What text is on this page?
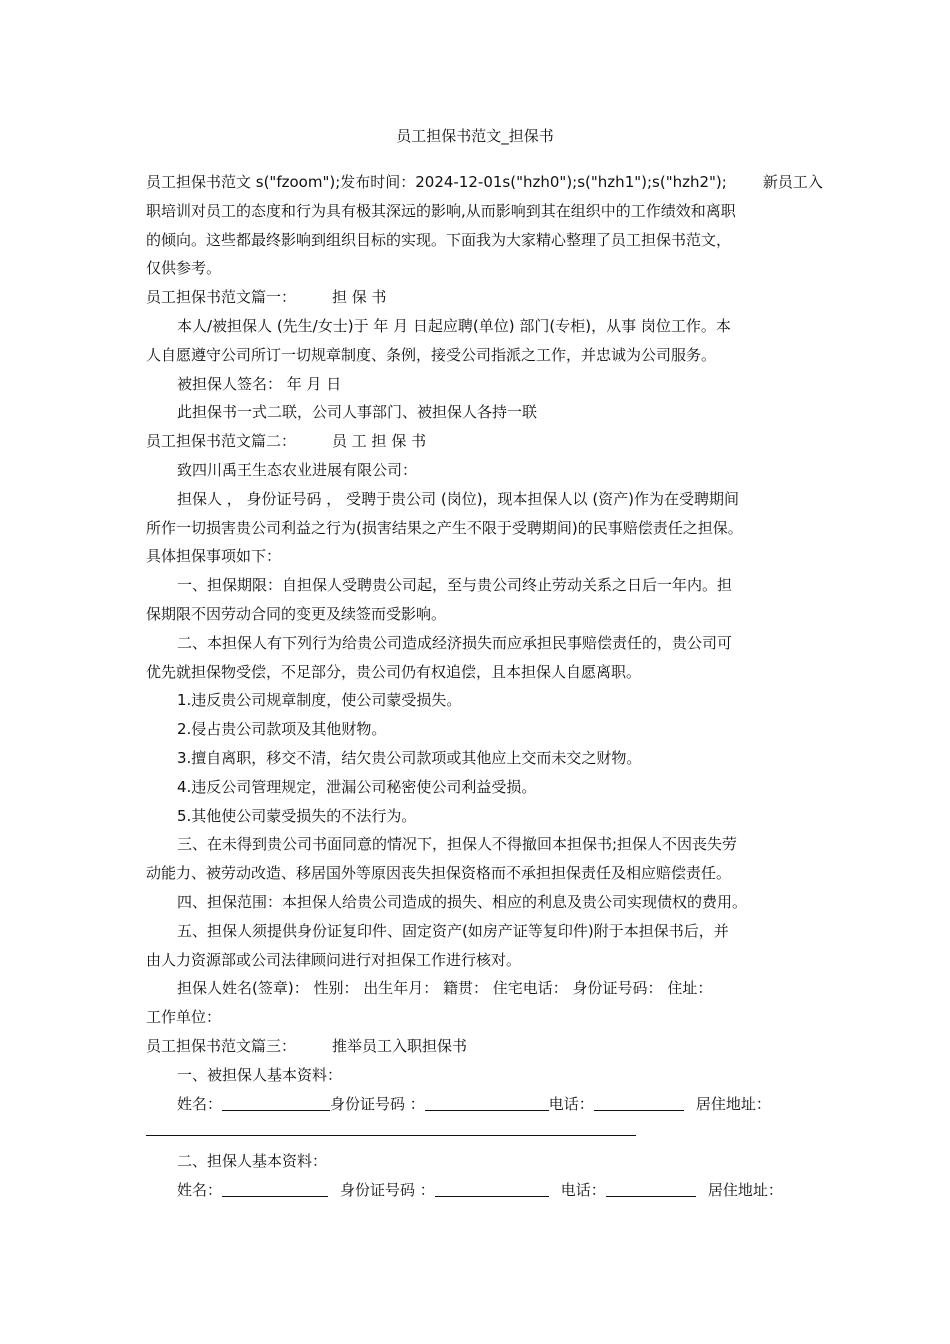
员工担保书范文_担保书

员工担保书范文 s("fzoom");发布时间：2024-12-01s("hzh0");s("hzh1");s("hzh2"); 新员工入

职培训对员工的态度和行为具有极其深远的影响,从而影响到其在组织中的工作绩效和离职

的倾向。这些都最终影响到组织目标的实现。下面我为大家精心整理了员工担保书范文，

仅供参考。

员工担保书范文篇一： 担 保 书

本人/被担保人 (先生/女士)于 年 月 日起应聘(单位) 部门(专柜)，从事 岗位工作。本

人自愿遵守公司所订一切规章制度、条例，接受公司指派之工作，并忠诚为公司服务。

被担保人签名： 年 月 日

此担保书一式二联，公司人事部门、被担保人各持一联

员工担保书范文篇二： 员 工 担 保 书

致四川禹王生态农业进展有限公司：

担保人 ， 身份证号码 ， 受聘于贵公司 (岗位)，现本担保人以 (资产)作为在受聘期间

所作一切损害贵公司利益之行为(损害结果之产生不限于受聘期间)的民事赔偿责任之担保。

具体担保事项如下：

一、担保期限：自担保人受聘贵公司起，至与贵公司终止劳动关系之日后一年内。担

保期限不因劳动合同的变更及续签而受影响。

二、本担保人有下列行为给贵公司造成经济损失而应承担民事赔偿责任的，贵公司可

优先就担保物受偿，不足部分，贵公司仍有权追偿，且本担保人自愿离职。

1.违反贵公司规章制度，使公司蒙受损失。

2.侵占贵公司款项及其他财物。

3.擅自离职，移交不清，结欠贵公司款项或其他应上交而未交之财物。

4.违反公司管理规定，泄漏公司秘密使公司利益受损。

5.其他使公司蒙受损失的不法行为。

三、在未得到贵公司书面同意的情况下，担保人不得撤回本担保书;担保人不因丧失劳

动能力、被劳动改造、移居国外等原因丧失担保资格而不承担担保责任及相应赔偿责任。

四、担保范围：本担保人给贵公司造成的损失、相应的利息及贵公司实现债权的费用。

五、担保人须提供身份证复印件、固定资产(如房产证等复印件)附于本担保书后，并

由人力资源部或公司法律顾问进行对担保工作进行核对。

担保人姓名(签章)： 性别： 出生年月： 籍贯： 住宅电话： 身份证号码： 住址：

工作单位：

员工担保书范文篇三： 推举员工入职担保书

一、被担保人基本资料：

姓名：	身份证号码 ：	电话：	居住地址：

二、担保人基本资料：

姓名：	身份证号码 ：	电话：	居住地址：
